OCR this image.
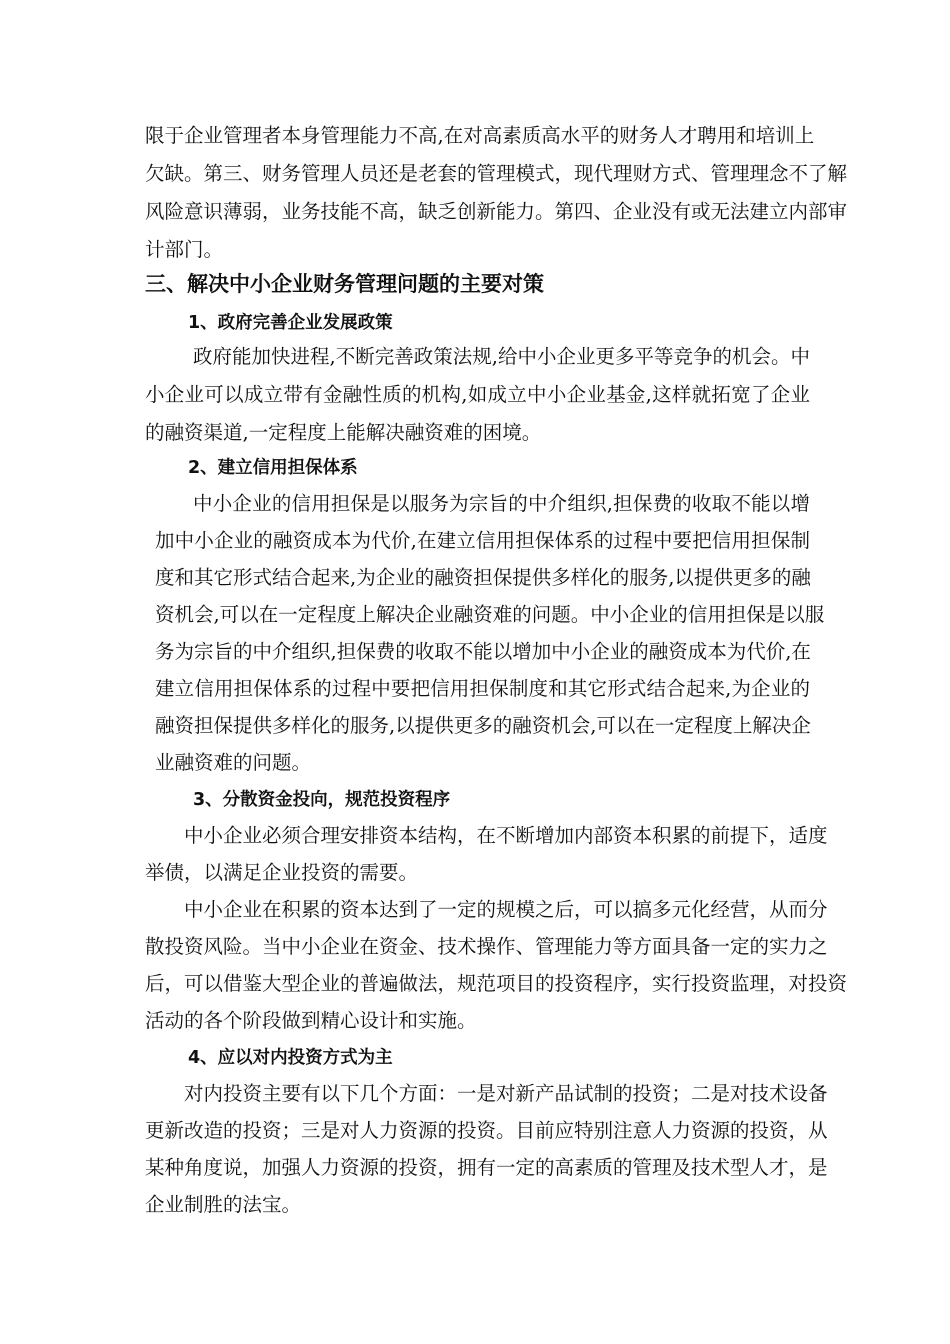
限于企业管理者本身管理能力不高,在对高素质高水平的财务人才聘用和培训上
欠缺。第三、财务管理人员还是老套的管理模式，现代理财方式、管理理念不了解
风险意识薄弱，业务技能不高，缺乏创新能力。第四、企业没有或无法建立内部审
计部门。
三、解决中小企业财务管理问题的主要对策
1、政府完善企业发展政策
政府能加快进程,不断完善政策法规,给中小企业更多平等竞争的机会。中
小企业可以成立带有金融性质的机构,如成立中小企业基金,这样就拓宽了企业
的融资渠道,一定程度上能解决融资难的困境。
2、建立信用担保体系
中小企业的信用担保是以服务为宗旨的中介组织,担保费的收取不能以增
加中小企业的融资成本为代价,在建立信用担保体系的过程中要把信用担保制
度和其它形式结合起来,为企业的融资担保提供多样化的服务,以提供更多的融
资机会,可以在一定程度上解决企业融资难的问题。中小企业的信用担保是以服
务为宗旨的中介组织,担保费的收取不能以增加中小企业的融资成本为代价,在
建立信用担保体系的过程中要把信用担保制度和其它形式结合起来,为企业的
融资担保提供多样化的服务,以提供更多的融资机会,可以在一定程度上解决企
业融资难的问题。
3、分散资金投向，规范投资程序
中小企业必须合理安排资本结构，在不断增加内部资本积累的前提下，适度
举债，以满足企业投资的需要。
中小企业在积累的资本达到了一定的规模之后，可以搞多元化经营，从而分
散投资风险。当中小企业在资金、技术操作、管理能力等方面具备一定的实力之
后，可以借鉴大型企业的普遍做法，规范项目的投资程序，实行投资监理，对投资
活动的各个阶段做到精心设计和实施。
4、应以对内投资方式为主
对内投资主要有以下几个方面：一是对新产品试制的投资；二是对技术设备
更新改造的投资；三是对人力资源的投资。目前应特别注意人力资源的投资，从
某种角度说，加强人力资源的投资，拥有一定的高素质的管理及技术型人才，是
企业制胜的法宝。
